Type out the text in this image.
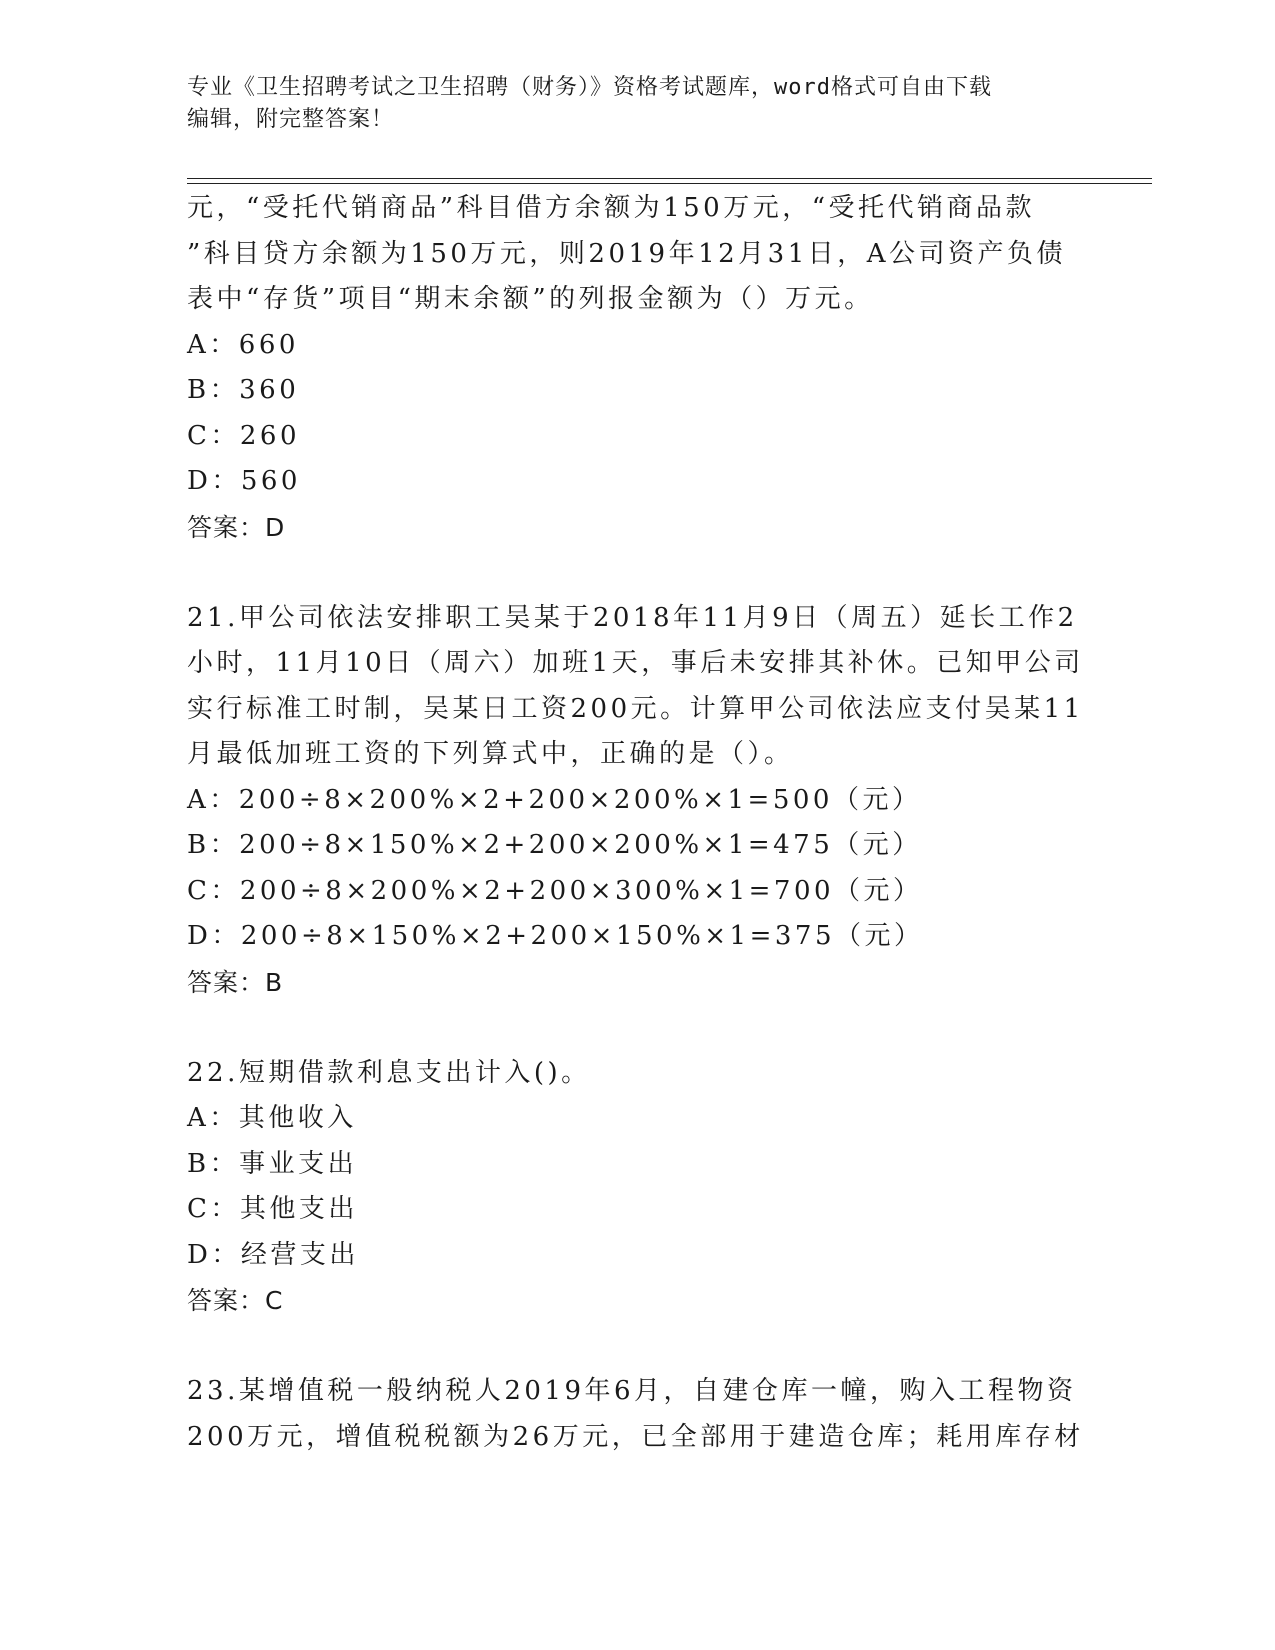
专业《卫生招聘考试之卫生招聘（财务）》资格考试题库，word格式可自由下载
编辑，附完整答案！
元，“受托代销商品”科目借方余额为150万元，“受托代销商品款
”科目贷方余额为150万元，则2019年12月31日，A公司资产负债
表中“存货”项目“期末余额”的列报金额为（）万元。
A：660
B：360
C：260
D：560
答案：D
21.甲公司依法安排职工吴某于2018年11月9日（周五）延长工作2
小时，11月10日（周六）加班1天，事后未安排其补休。已知甲公司
实行标准工时制，吴某日工资200元。计算甲公司依法应支付吴某11
月最低加班工资的下列算式中，正确的是（）。
A：200÷8×200%×2+200×200%×1=500（元）
B：200÷8×150%×2+200×200%×1=475（元）
C：200÷8×200%×2+200×300%×1=700（元）
D：200÷8×150%×2+200×150%×1=375（元）
答案：B
22.短期借款利息支出计入()。
A：其他收入
B：事业支出
C：其他支出
D：经营支出
答案：C
23.某增值税一般纳税人2019年6月，自建仓库一幢，购入工程物资
200万元，增值税税额为26万元，已全部用于建造仓库；耗用库存材
